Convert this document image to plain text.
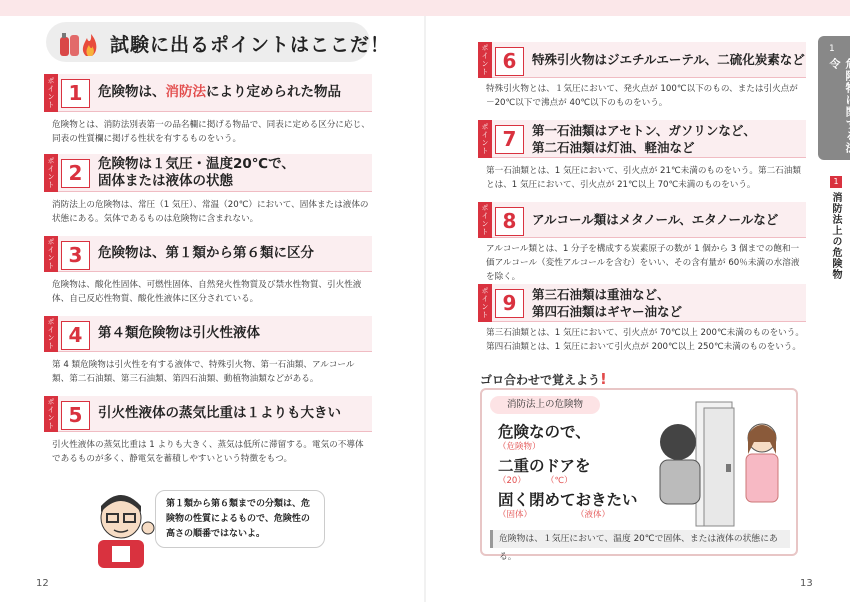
試験に出るポイントはここだ！
ポイント 1	危険物は、消防法により定められた物品
危険物とは、消防法別表第一の品名欄に掲げる物品で、同表に定める区分に応じ、同表の性質欄に掲げる性状を有するものをいう。
ポイント 2	危険物は１気圧・温度20℃で、
固体または液体の状態
消防法上の危険物は、常圧（1 気圧）、常温（20℃）において、固体または液体の状態にある。気体であるものは危険物に含まれない。
ポイント 3	危険物は、第１類から第６類に区分
危険物は、酸化性固体、可燃性固体、自然発火性物質及び禁水性物質、引火性液体、自己反応性物質、酸化性液体に区分されている。
ポイント 4	第４類危険物は引火性液体
第 4 類危険物は引火性を有する液体で、特殊引火物、第一石油類、アルコール類、第二石油類、第三石油類、第四石油類、動植物油類などがある。
ポイント 5	引火性液体の蒸気比重は１よりも大きい
引火性液体の蒸気比重は 1 よりも大きく、蒸気は低所に滞留する。電気の不導体であるものが多く、静電気を蓄積しやすいという特徴をもつ。
第１類から第６類までの分類は、危険物の性質によるもので、危険性の高さの順番ではないよ。
12
ポイント 6	特殊引火物はジエチルエーテル、二硫化炭素など
特殊引火物とは、１気圧において、発火点が 100℃以下のもの、または引火点が －20℃以下で沸点が 40℃以下のものをいう。
ポイント 7	第一石油類はアセトン、ガソリンなど、
第二石油類は灯油、軽油など
第一石油類とは、1 気圧において、引火点が 21℃未満のものをいう。第二石油類とは、1 気圧において、引火点が 21℃以上 70℃未満のものをいう。
ポイント 8	アルコール類はメタノール、エタノールなど
アルコール類とは、1 分子を構成する炭素原子の数が 1 個から 3 個までの飽和一価アルコール（変性アルコールを含む）をいい、その含有量が 60％未満の水溶液を除く。
ポイント 9	第三石油類は重油など、
第四石油類はギヤー油など
第三石油類とは、1 気圧において、引火点が 70℃以上 200℃未満のものをいう。第四石油類とは、1 気圧において引火点が 200℃以上 250℃未満のものをいう。
ゴロ合わせで覚えよう!
消防法上の危険物
危険なので、
（危険物）
二重のドアを
（20） （℃）
固く閉めておきたい
（固体）	（液体）
危険物は、１気圧において、温度 20℃で固体、または液体の状態にある。
1
危険物に関する法令
1
消防法上の危険物
13
